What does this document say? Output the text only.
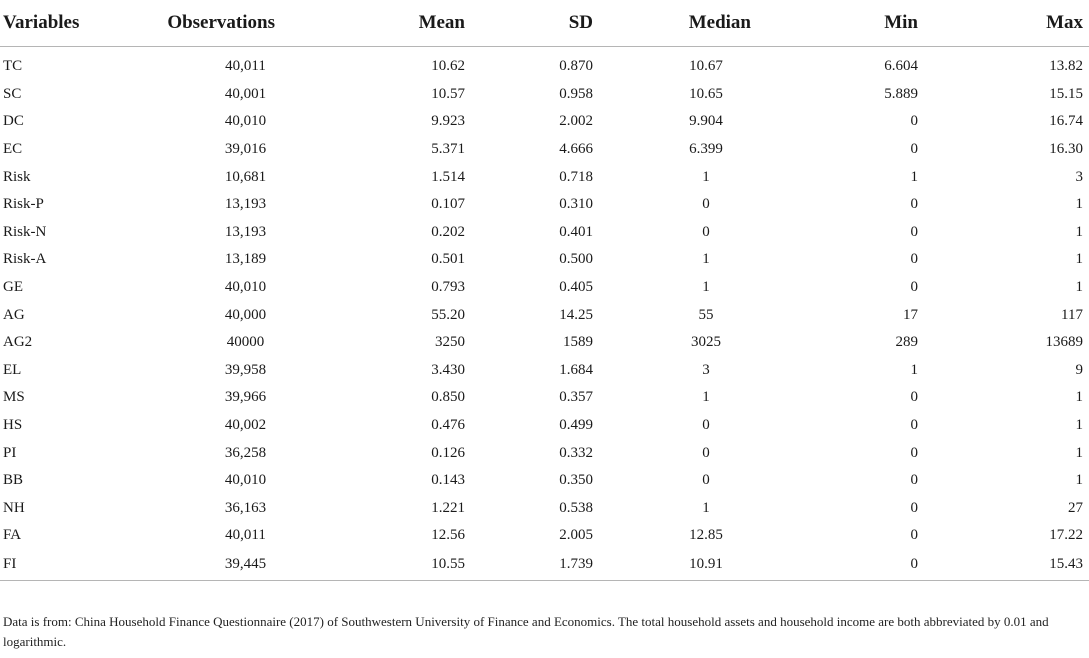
Variables	Observations	Mean	SD	Median	Min	Max
TC	40,011	10.62	0.870	10.67	6.604	13.82
SC	40,001	10.57	0.958	10.65	5.889	15.15
DC	40,010	9.923	2.002	9.904	0	16.74
EC	39,016	5.371	4.666	6.399	0	16.30
Risk	10,681	1.514	0.718	1	1	3
Risk-P	13,193	0.107	0.310	0	0	1
Risk-N	13,193	0.202	0.401	0	0	1
Risk-A	13,189	0.501	0.500	1	0	1
GE	40,010	0.793	0.405	1	0	1
AG	40,000	55.20	14.25	55	17	117
AG2	40000	3250	1589	3025	289	13689
EL	39,958	3.430	1.684	3	1	9
MS	39,966	0.850	0.357	1	0	1
HS	40,002	0.476	0.499	0	0	1
PI	36,258	0.126	0.332	0	0	1
BB	40,010	0.143	0.350	0	0	1
NH	36,163	1.221	0.538	1	0	27
FA	40,011	12.56	2.005	12.85	0	17.22
FI	39,445	10.55	1.739	10.91	0	15.43
Data is from: China Household Finance Questionnaire (2017) of Southwestern University of Finance and Economics. The total household assets and household income are both abbreviated by 0.01 and logarithmic.
